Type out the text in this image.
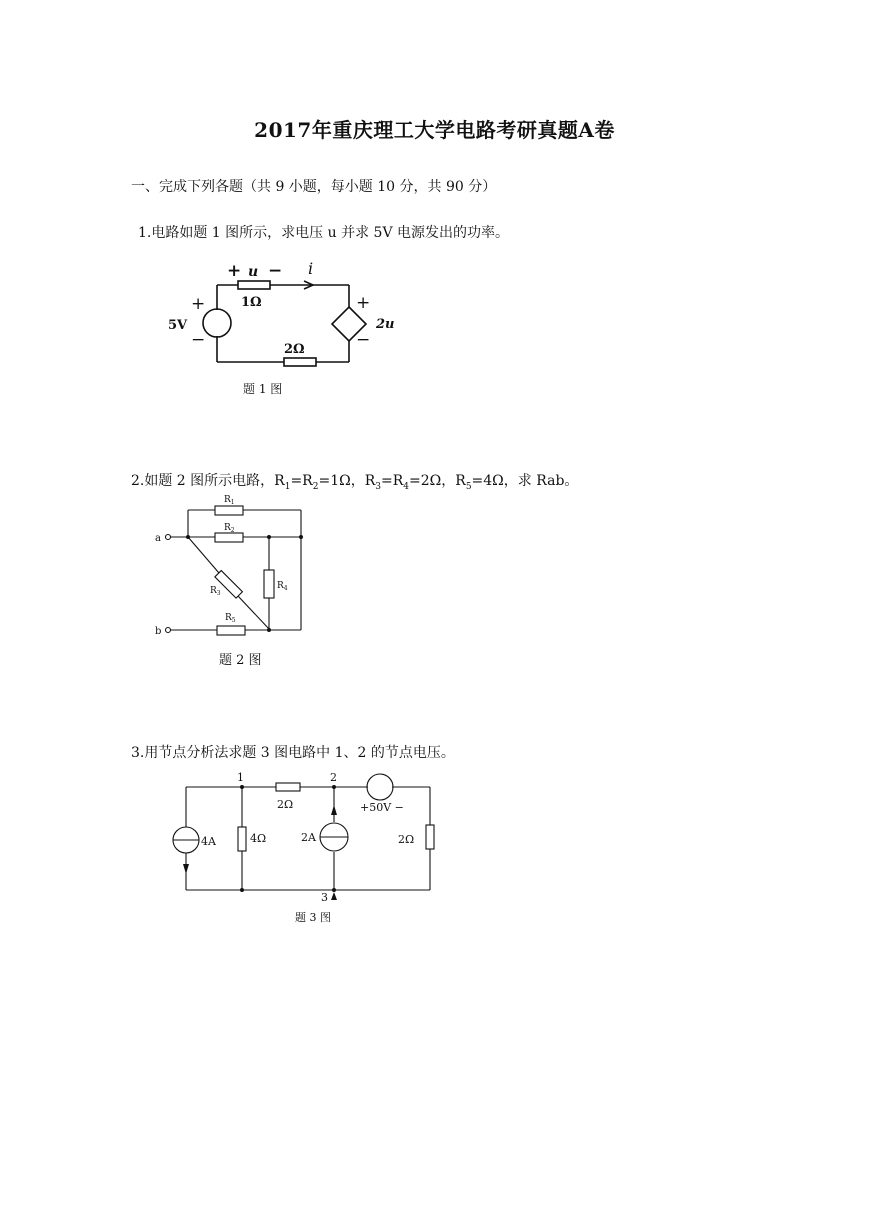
2017年重庆理工大学电路考研真题A卷
一、完成下列各题（共 9 小题，每小题 10 分，共 90 分）
1.电路如题 1 图所示，求电压 u 并求 5V 电源发出的功率。
5V
+
−
+ u − i
1Ω
2Ω
+
−
2u
题 1 图
2.如题 2 图所示电路，$R_1=R_2=1\Omega$，$R_3=R_4=2\Omega$，$R_5=4\Omega$，求 Rab。
a
b
$R_1$
$R_2$
$R_3$
$R_4$
$R_5$
题 2 图
3.用节点分析法求题 3 图电路中 1、2 的节点电压。
1	2
3
4A	4Ω
2Ω
2A
+50V −
2Ω
题 3 图
